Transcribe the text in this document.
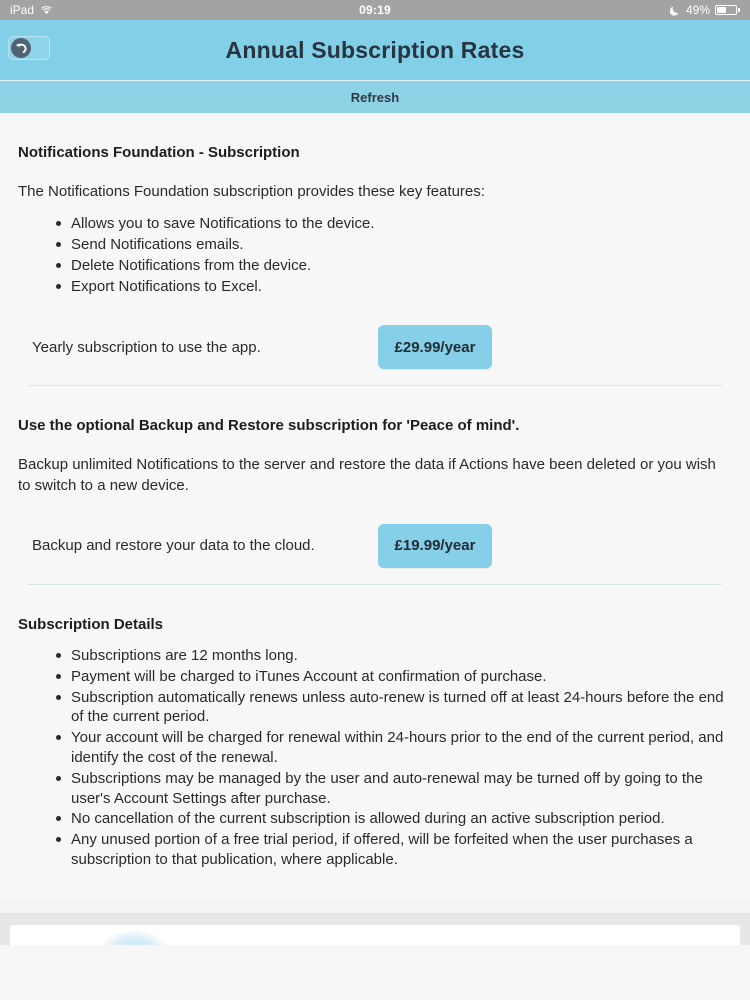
iPad	09:19	49%
Annual Subscription Rates
Refresh
Notifications Foundation - Subscription

The Notifications Foundation subscription provides these key features:

Allows you to save Notifications to the device.
Send Notifications emails.
Delete Notifications from the device.
Export Notifications to Excel.
Yearly subscription to use the app.	£29.99/year
Use the optional Backup and Restore subscription for 'Peace of mind'.

Backup unlimited Notifications to the server and restore the data if Actions have been deleted or you wish to switch to a new device.

Backup and restore your data to the cloud.	£19.99/year
Subscription Details
Subscriptions are 12 months long.
Payment will be charged to iTunes Account at confirmation of purchase.
Subscription automatically renews unless auto-renew is turned off at least 24-hours before the end of the current period.
Your account will be charged for renewal within 24-hours prior to the end of the current period, and identify the cost of the renewal.
Subscriptions may be managed by the user and auto-renewal may be turned off by going to the user's Account Settings after purchase.
No cancellation of the current subscription is allowed during an active subscription period.
Any unused portion of a free trial period, if offered, will be forfeited when the user purchases a subscription to that publication, where applicable.
